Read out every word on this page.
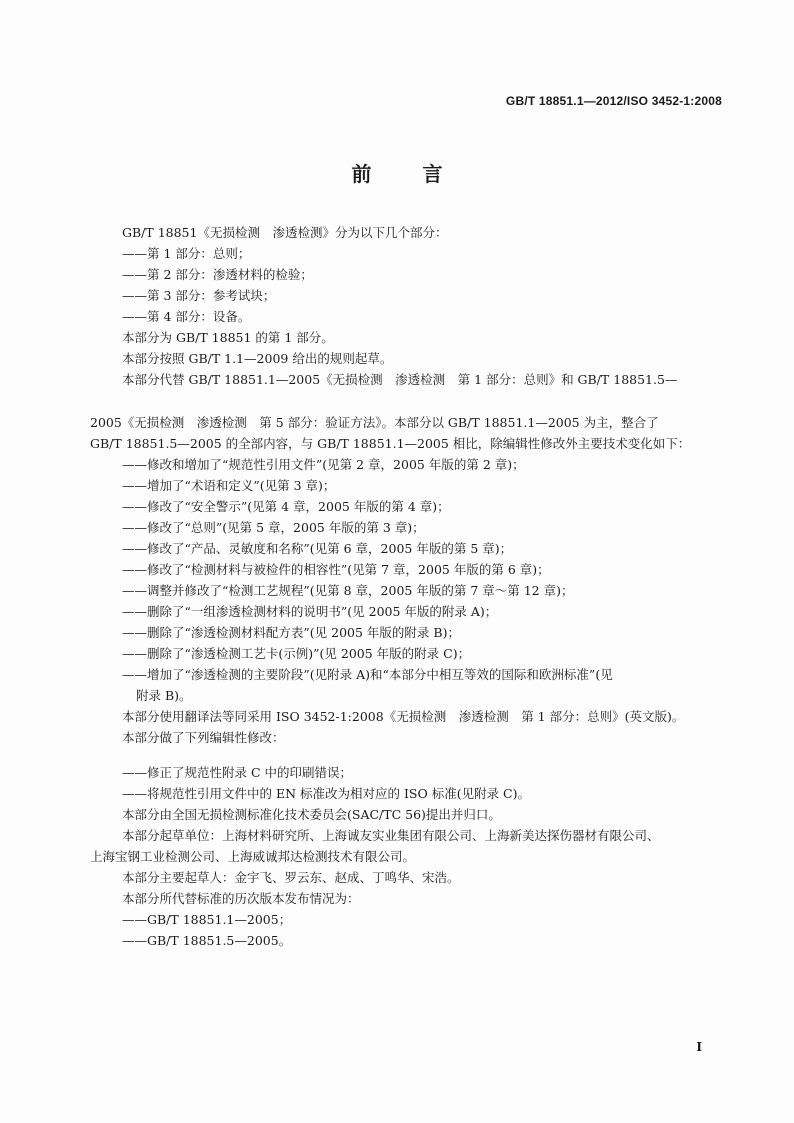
GB/T 18851.1—2012/ISO 3452-1:2008
前 言
GB/T 18851《无损检测　渗透检测》分为以下几个部分：
——第 1 部分：总则；
——第 2 部分：渗透材料的检验；
——第 3 部分：参考试块；
——第 4 部分：设备。
本部分为 GB/T 18851 的第 1 部分。
本部分按照 GB/T 1.1—2009 给出的规则起草。
本部分代替 GB/T 18851.1—2005《无损检测　渗透检测　第 1 部分：总则》和 GB/T 18851.5—
2005《无损检测　渗透检测　第 5 部分：验证方法》。本部分以 GB/T 18851.1—2005 为主，整合了
GB/T 18851.5—2005 的全部内容，与 GB/T 18851.1—2005 相比，除编辑性修改外主要技术变化如下：
——修改和增加了“规范性引用文件”(见第 2 章，2005 年版的第 2 章)；
——增加了“术语和定义”(见第 3 章)；
——修改了“安全警示”(见第 4 章，2005 年版的第 4 章)；
——修改了“总则”(见第 5 章，2005 年版的第 3 章)；
——修改了“产品、灵敏度和名称”(见第 6 章，2005 年版的第 5 章)；
——修改了“检测材料与被检件的相容性”(见第 7 章，2005 年版的第 6 章)；
——调整并修改了“检测工艺规程”(见第 8 章，2005 年版的第 7 章～第 12 章)；
——删除了“一组渗透检测材料的说明书”(见 2005 年版的附录 A)；
——删除了“渗透检测材料配方表”(见 2005 年版的附录 B)；
——删除了“渗透检测工艺卡(示例)”(见 2005 年版的附录 C)；
——增加了“渗透检测的主要阶段”(见附录 A)和“本部分中相互等效的国际和欧洲标准”(见
附录 B)。
本部分使用翻译法等同采用 ISO 3452-1:2008《无损检测　渗透检测　第 1 部分：总则》(英文版)。
本部分做了下列编辑性修改：
——修正了规范性附录 C 中的印刷错误；
——将规范性引用文件中的 EN 标准改为相对应的 ISO 标准(见附录 C)。
本部分由全国无损检测标准化技术委员会(SAC/TC 56)提出并归口。
本部分起草单位：上海材料研究所、上海诚友实业集团有限公司、上海新美达探伤器材有限公司、
上海宝钢工业检测公司、上海威诚邦达检测技术有限公司。
本部分主要起草人：金宇飞、罗云东、赵成、丁鸣华、宋浩。
本部分所代替标准的历次版本发布情况为：
——GB/T 18851.1—2005；
——GB/T 18851.5—2005。
I
